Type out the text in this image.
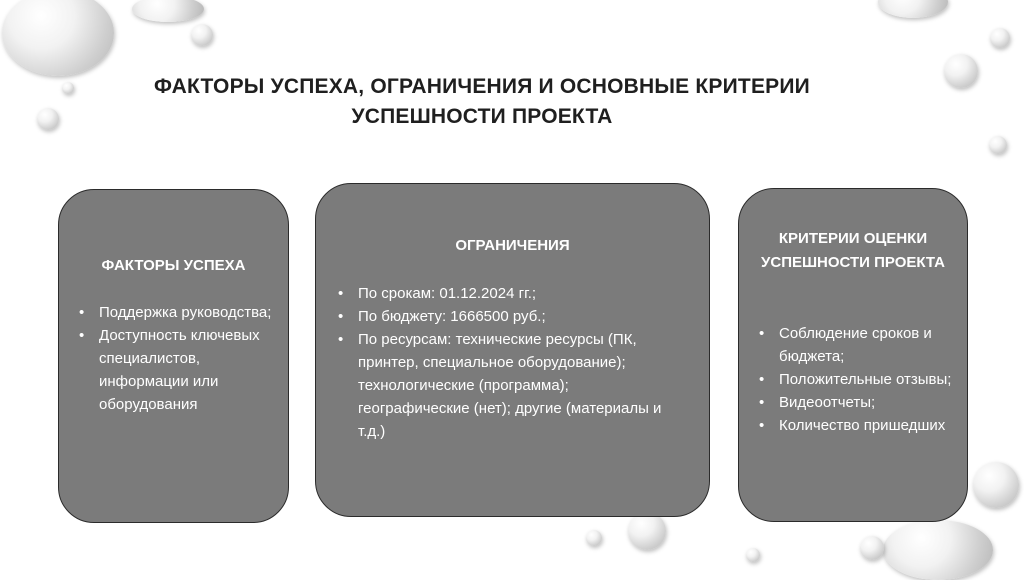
ФАКТОРЫ УСПЕХА, ОГРАНИЧЕНИЯ И ОСНОВНЫЕ КРИТЕРИИ
УСПЕШНОСТИ ПРОЕКТА
ФАКТОРЫ УСПЕХА
• Поддержка руководства;
• Доступность ключевых специалистов, информации или оборудования
ОГРАНИЧЕНИЯ
• По срокам: 01.12.2024 гг.;
• По бюджету: 1666500 руб.;
• По ресурсам: технические ресурсы (ПК, принтер, специальное оборудование); технологические (программа); географические (нет); другие (материалы и т.д.)
КРИТЕРИИ ОЦЕНКИ УСПЕШНОСТИ ПРОЕКТА
• Соблюдение сроков и бюджета;
• Положительные отзывы;
• Видеоотчеты;
• Количество пришедших
